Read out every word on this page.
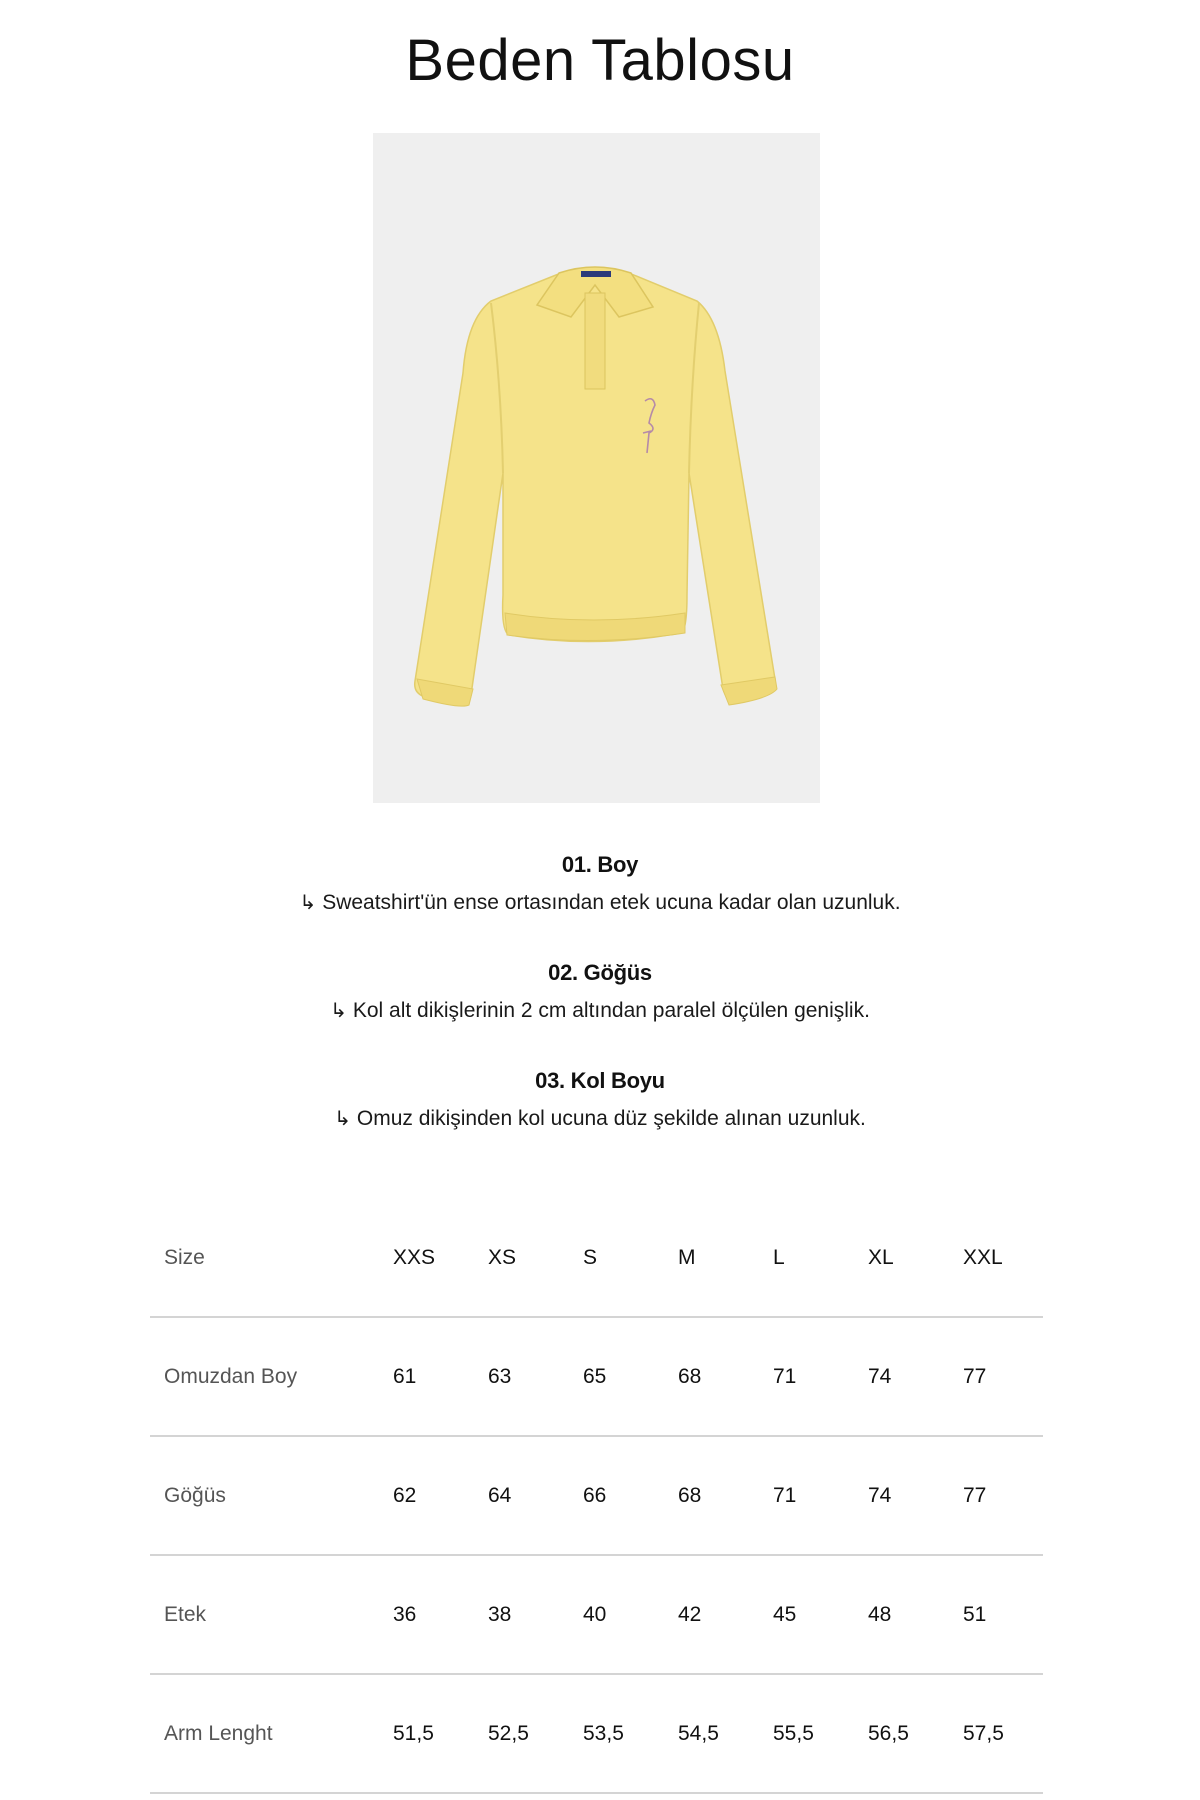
Beden Tablosu

01. Boy

↳ Sweatshirt'ün ense ortasından etek ucuna kadar olan uzunluk.

02. Göğüs

↳ Kol alt dikişlerinin 2 cm altından paralel ölçülen genişlik.

03. Kol Boyu

↳ Omuz dikişinden kol ucuna düz şekilde alınan uzunluk.

Size	XXS	XS	S	M	L	XL	XXL
Omuzdan Boy	61	63	65	68	71	74	77
Göğüs	62	64	66	68	71	74	77
Etek	36	38	40	42	45	48	51
Arm Lenght	51,5	52,5	53,5	54,5	55,5	56,5	57,5
